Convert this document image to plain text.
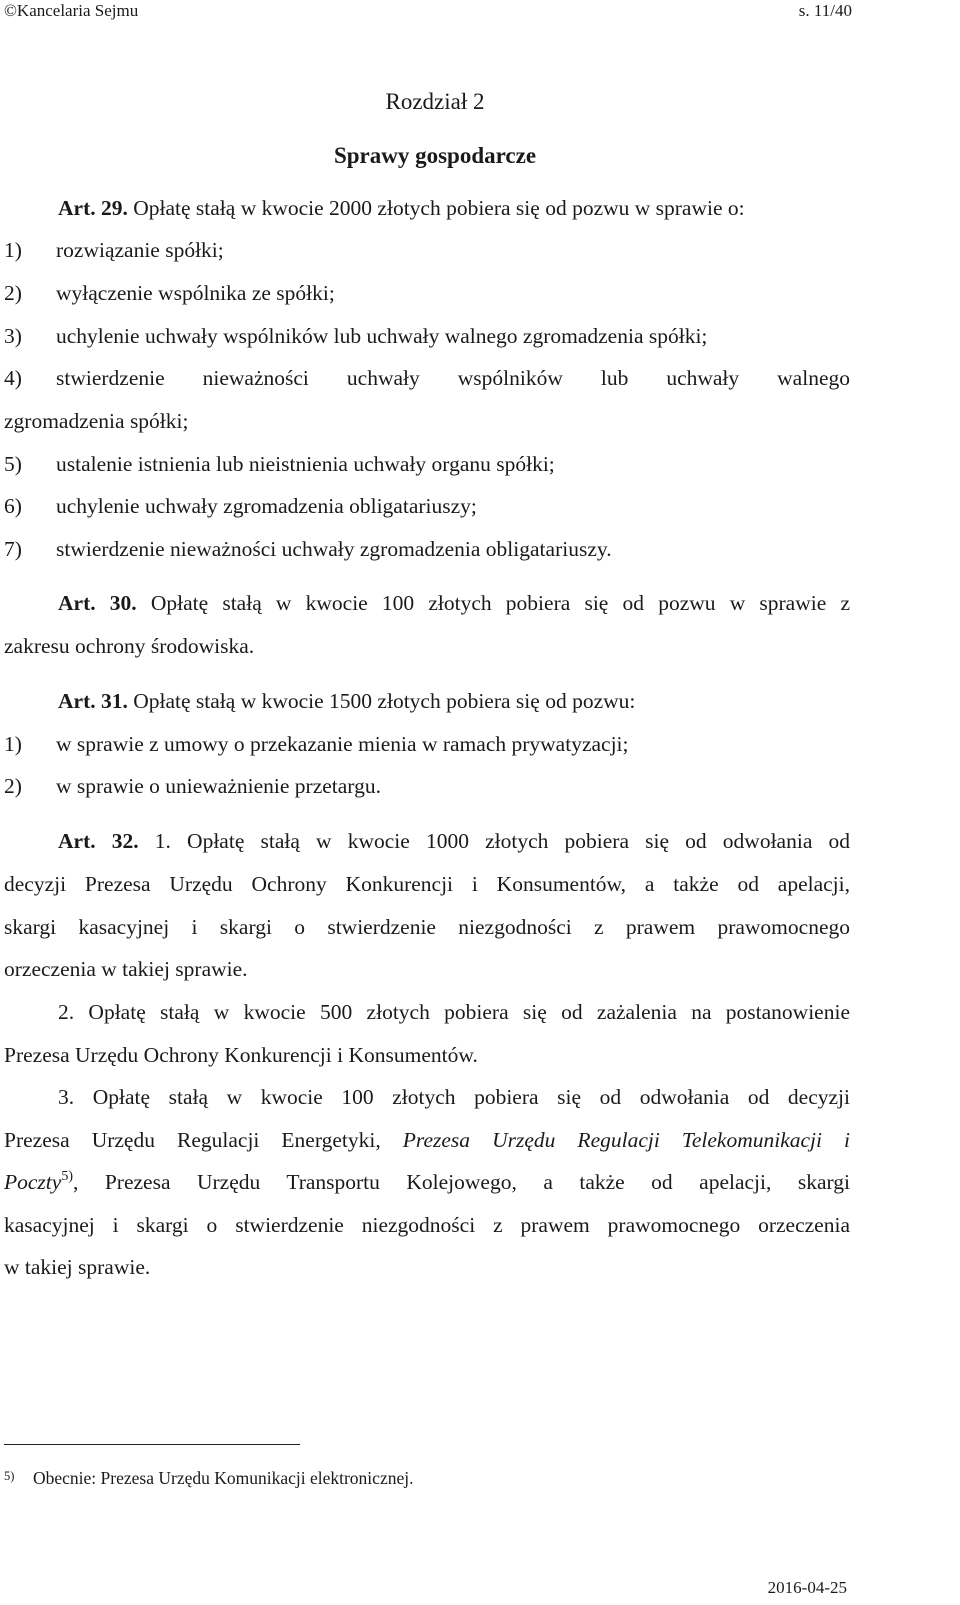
©Kancelaria Sejmu	s. 11/40
Rozdział 2
Sprawy gospodarcze
Art. 29. Opłatę stałą w kwocie 2000 złotych pobiera się od pozwu w sprawie o:
1) rozwiązanie spółki;
2) wyłączenie wspólnika ze spółki;
3) uchylenie uchwały wspólników lub uchwały walnego zgromadzenia spółki;
4) stwierdzenie nieważności uchwały wspólników lub uchwały walnego
zgromadzenia spółki;
5) ustalenie istnienia lub nieistnienia uchwały organu spółki;
6) uchylenie uchwały zgromadzenia obligatariuszy;
7) stwierdzenie nieważności uchwały zgromadzenia obligatariuszy.
Art. 30. Opłatę stałą w kwocie 100 złotych pobiera się od pozwu w sprawie z
zakresu ochrony środowiska.
Art. 31. Opłatę stałą w kwocie 1500 złotych pobiera się od pozwu:
1) w sprawie z umowy o przekazanie mienia w ramach prywatyzacji;
2) w sprawie o unieważnienie przetargu.
Art. 32. 1. Opłatę stałą w kwocie 1000 złotych pobiera się od odwołania od
decyzji Prezesa Urzędu Ochrony Konkurencji i Konsumentów, a także od apelacji,
skargi kasacyjnej i skargi o stwierdzenie niezgodności z prawem prawomocnego
orzeczenia w takiej sprawie.
2. Opłatę stałą w kwocie 500 złotych pobiera się od zażalenia na postanowienie
Prezesa Urzędu Ochrony Konkurencji i Konsumentów.
3. Opłatę stałą w kwocie 100 złotych pobiera się od odwołania od decyzji
Prezesa Urzędu Regulacji Energetyki, Prezesa Urzędu Regulacji Telekomunikacji i
Poczty$^{5)}$, Prezesa Urzędu Transportu Kolejowego, a także od apelacji, skargi
kasacyjnej i skargi o stwierdzenie niezgodności z prawem prawomocnego orzeczenia
w takiej sprawie.
5) Obecnie: Prezesa Urzędu Komunikacji elektronicznej.
2016-04-25
